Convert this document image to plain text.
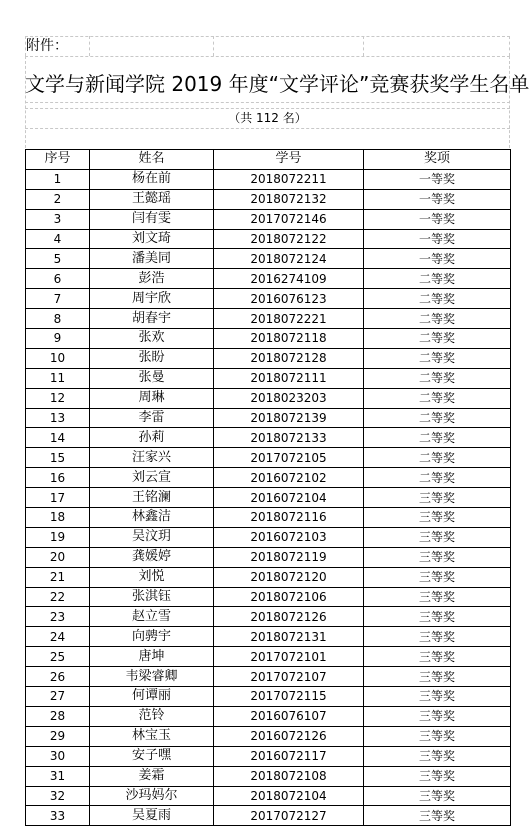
附件：
文学与新闻学院 2019 年度“文学评论”竞赛获奖学生名单
（共 112 名）
序号	姓名	学号	奖项
1	杨在前	2018072211	一等奖
2	王懿瑶	2018072132	一等奖
3	闫有雯	2017072146	一等奖
4	刘文琦	2018072122	一等奖
5	潘美同	2018072124	一等奖
6	彭浩	2016274109	二等奖
7	周宇欣	2016076123	二等奖
8	胡春宇	2018072221	二等奖
9	张欢	2018072118	二等奖
10	张盼	2018072128	二等奖
11	张曼	2018072111	二等奖
12	周琳	2018023203	二等奖
13	李雷	2018072139	二等奖
14	孙莉	2018072133	二等奖
15	汪家兴	2017072105	二等奖
16	刘云宣	2016072102	二等奖
17	王铭澜	2016072104	三等奖
18	林鑫洁	2018072116	三等奖
19	吴汶玥	2016072103	三等奖
20	龚媛婷	2018072119	三等奖
21	刘悦	2018072120	三等奖
22	张淇钰	2018072106	三等奖
23	赵立雪	2018072126	三等奖
24	向骋宇	2018072131	三等奖
25	唐坤	2017072101	三等奖
26	韦梁睿卿	2017072107	三等奖
27	何谭丽	2017072115	三等奖
28	范铃	2016076107	三等奖
29	林宝玉	2016072126	三等奖
30	安子嘿	2016072117	三等奖
31	姜霜	2018072108	三等奖
32	沙玛妈尔	2018072104	三等奖
33	吴夏雨	2017072127	三等奖
